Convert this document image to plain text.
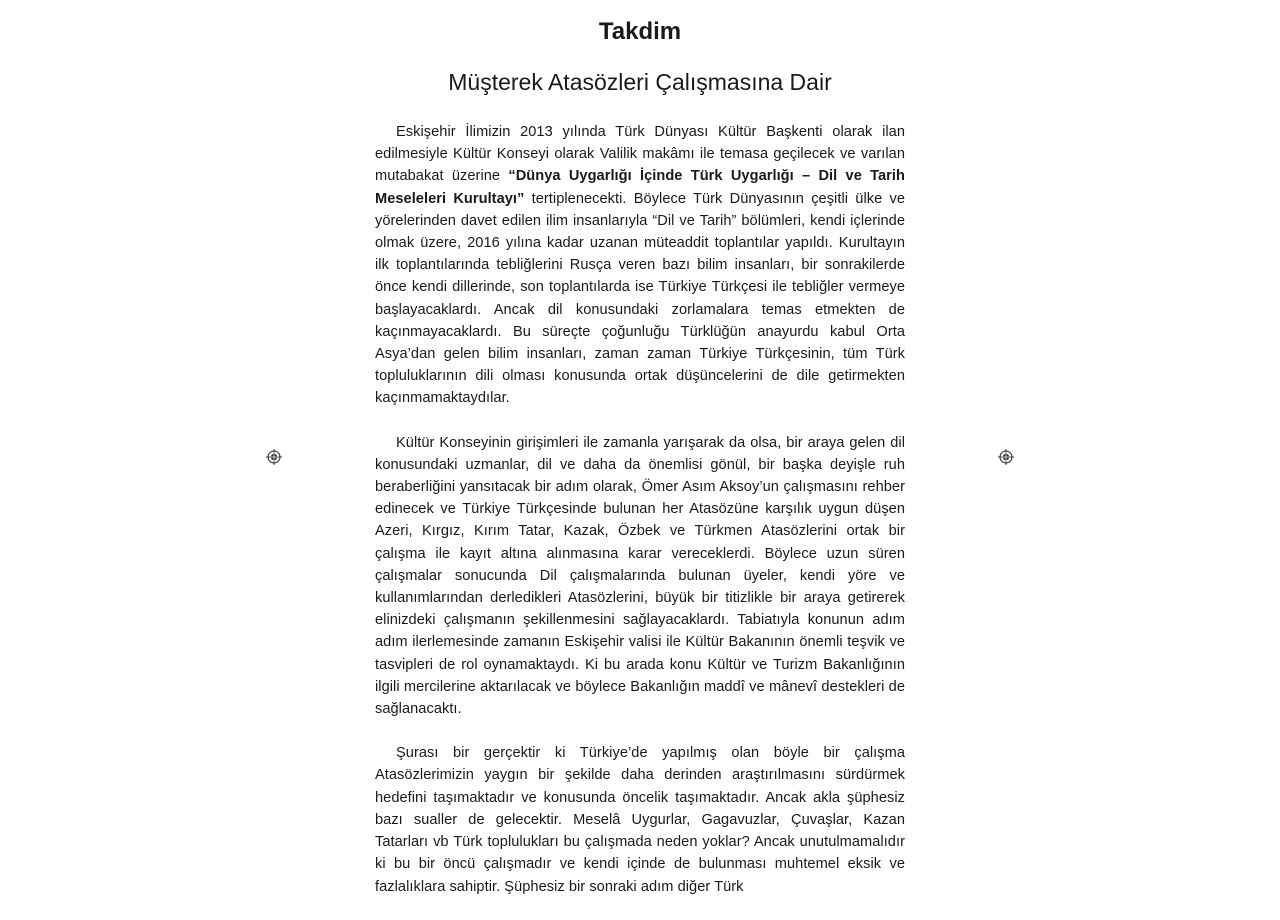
Takdim
Müşterek Atasözleri Çalışmasına Dair

Eskişehir İlimizin 2013 yılında Türk Dünyası Kültür Başkenti olarak ilan edilmesiyle Kültür Konseyi olarak Valilik makâmı ile temasa geçilecek ve varılan mutabakat üzerine “Dünya Uygarlığı İçinde Türk Uygarlığı – Dil ve Tarih Meseleleri Kurultayı” tertiplenecekti. Böylece Türk Dünyasının çeşitli ülke ve yörelerinden davet edilen ilim insanlarıyla “Dil ve Tarih” bölümleri, kendi içlerinde olmak üzere, 2016 yılına kadar uzanan müteaddit toplantılar yapıldı. Kurultayın ilk toplantılarında tebliğlerini Rusça veren bazı bilim insanları, bir sonrakilerde önce kendi dillerinde, son toplantılarda ise Türkiye Türkçesi ile tebliğler vermeye başlayacaklardı. Ancak dil konusundaki zorlamalara temas etmekten de kaçınmayacaklardı. Bu süreçte çoğunluğu Türklüğün anayurdu kabul Orta Asya’dan gelen bilim insanları, zaman zaman Türkiye Türkçesinin, tüm Türk topluluklarının dili olması konusunda ortak düşüncelerini de dile getirmekten kaçınmamaktaydılar.

Kültür Konseyinin girişimleri ile zamanla yarışarak da olsa, bir araya gelen dil konusundaki uzmanlar, dil ve daha da önemlisi gönül, bir başka deyişle ruh beraberliğini yansıtacak bir adım olarak, Ömer Asım Aksoy’un çalışmasını rehber edinecek ve Türkiye Türkçesinde bulunan her Atasözüne karşılık uygun düşen Azeri, Kırgız, Kırım Tatar, Kazak, Özbek ve Türkmen Atasözlerini ortak bir çalışma ile kayıt altına alınmasına karar vereceklerdi. Böylece uzun süren çalışmalar sonucunda Dil çalışmalarında bulunan üyeler, kendi yöre ve kullanımlarından derledikleri Atasözlerini, büyük bir titizlikle bir araya getirerek elinizdeki çalışmanın şekillenmesini sağlayacaklardı. Tabiatıyla konunun adım adım ilerlemesinde zamanın Eskişehir valisi ile Kültür Bakanının önemli teşvik ve tasvipleri de rol oynamaktaydı. Ki bu arada konu Kültür ve Turizm Bakanlığının ilgili mercilerine aktarılacak ve böylece Bakanlığın maddî ve mânevî destekleri de sağlanacaktı.

Şurası bir gerçektir ki Türkiye’de yapılmış olan böyle bir çalışma Atasözlerimizin yaygın bir şekilde daha derinden araştırılmasını sürdürmek hedefini taşımaktadır ve konusunda öncelik taşımaktadır. Ancak akla şüphesiz bazı sualler de gelecektir. Meselâ Uygurlar, Gagavuzlar, Çuvaşlar, Kazan Tatarları vb Türk toplulukları bu çalışmada neden yoklar? Ancak unutulmamalıdır ki bu bir öncü çalışmadır ve kendi içinde de bulunması muhtemel eksik ve fazlalıklara sahiptir. Şüphesiz bir sonraki adım diğer Türk
